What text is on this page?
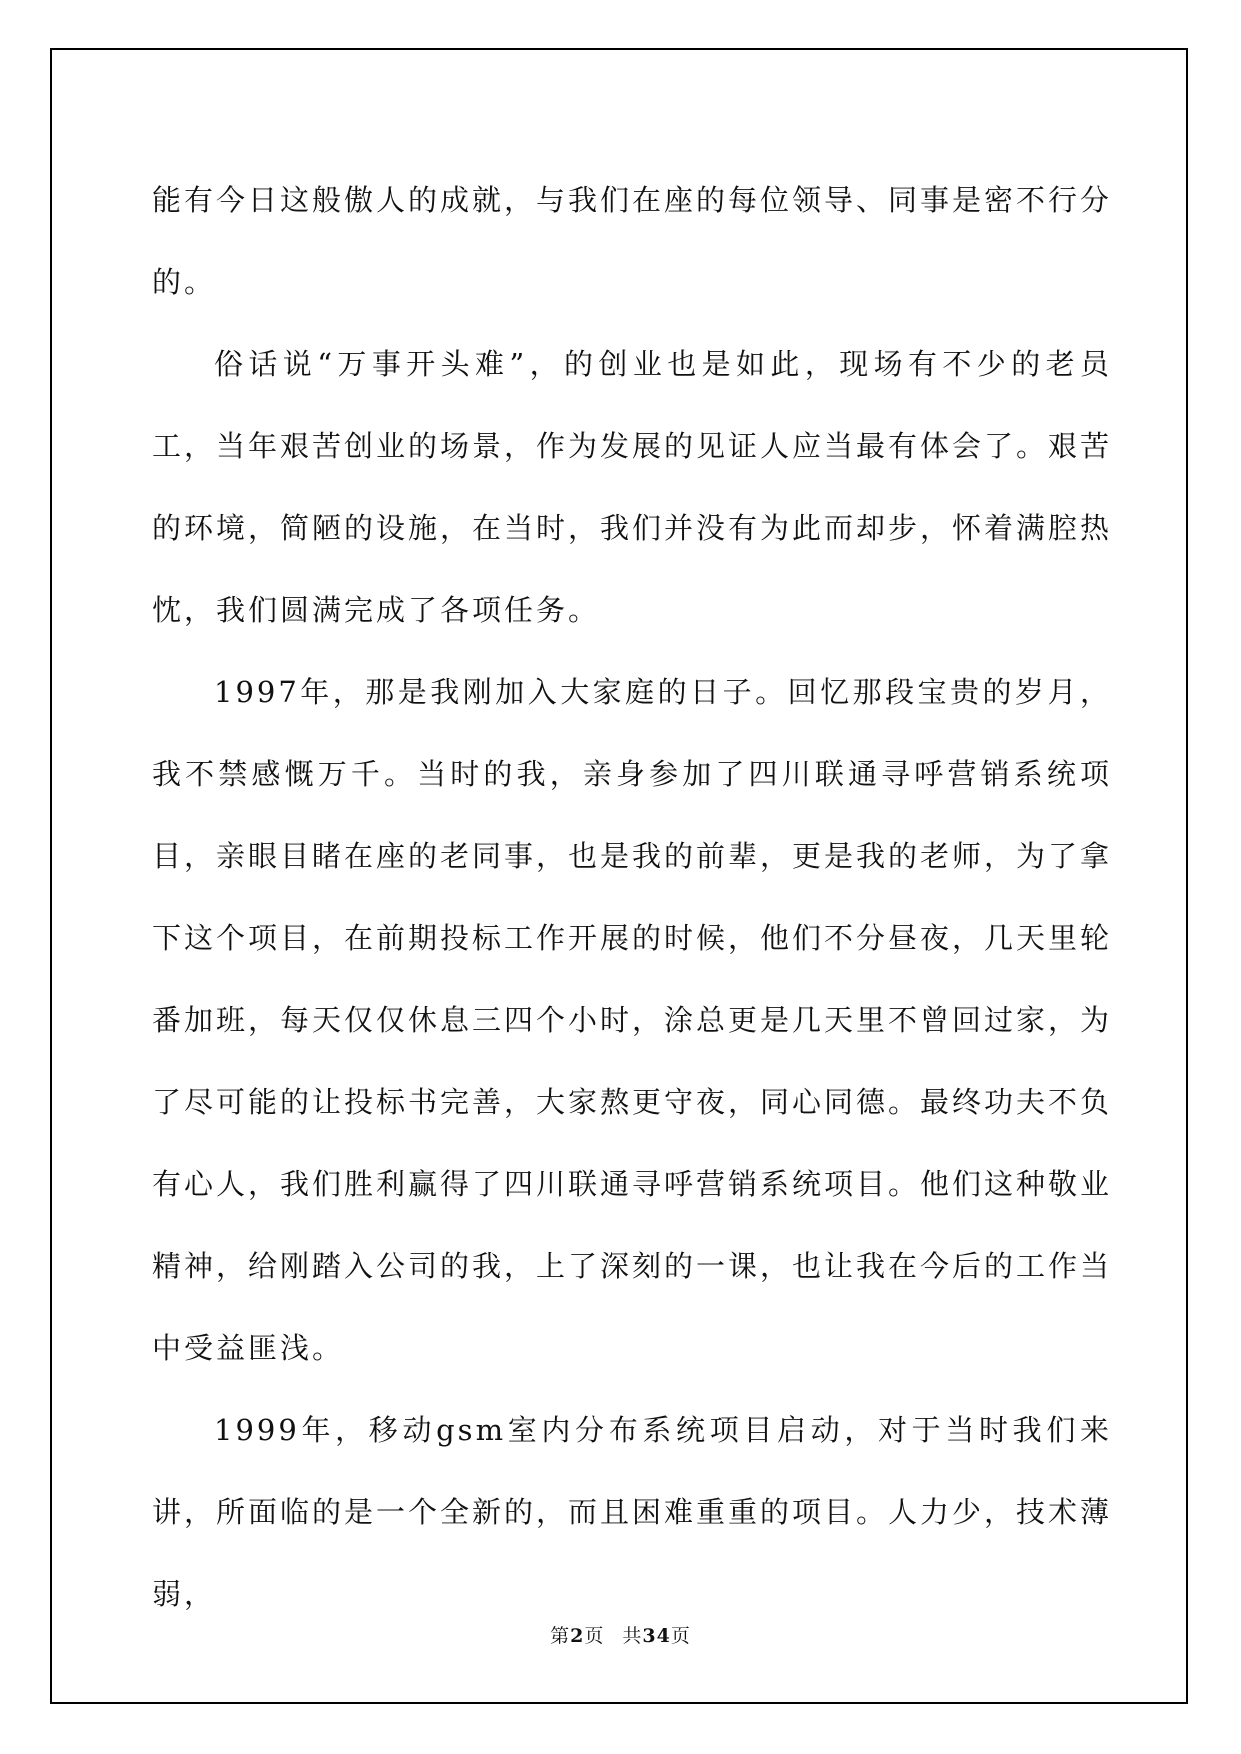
能有今日这般傲人的成就，与我们在座的每位领导、同事是密不行分的。

俗话说“万事开头难”，的创业也是如此，现场有不少的老员工，当年艰苦创业的场景，作为发展的见证人应当最有体会了。艰苦的环境，简陋的设施，在当时，我们并没有为此而却步，怀着满腔热忱，我们圆满完成了各项任务。

1997年，那是我刚加入大家庭的日子。回忆那段宝贵的岁月，我不禁感慨万千。当时的我，亲身参加了四川联通寻呼营销系统项目，亲眼目睹在座的老同事，也是我的前辈，更是我的老师，为了拿下这个项目，在前期投标工作开展的时候，他们不分昼夜，几天里轮番加班，每天仅仅休息三四个小时，涂总更是几天里不曾回过家，为了尽可能的让投标书完善，大家熬更守夜，同心同德。最终功夫不负有心人，我们胜利赢得了四川联通寻呼营销系统项目。他们这种敬业精神，给刚踏入公司的我，上了深刻的一课，也让我在今后的工作当中受益匪浅。

1999年，移动gsm室内分布系统项目启动，对于当时我们来讲，所面临的是一个全新的，而且困难重重的项目。人力少，技术薄弱，

第2页 共34页
